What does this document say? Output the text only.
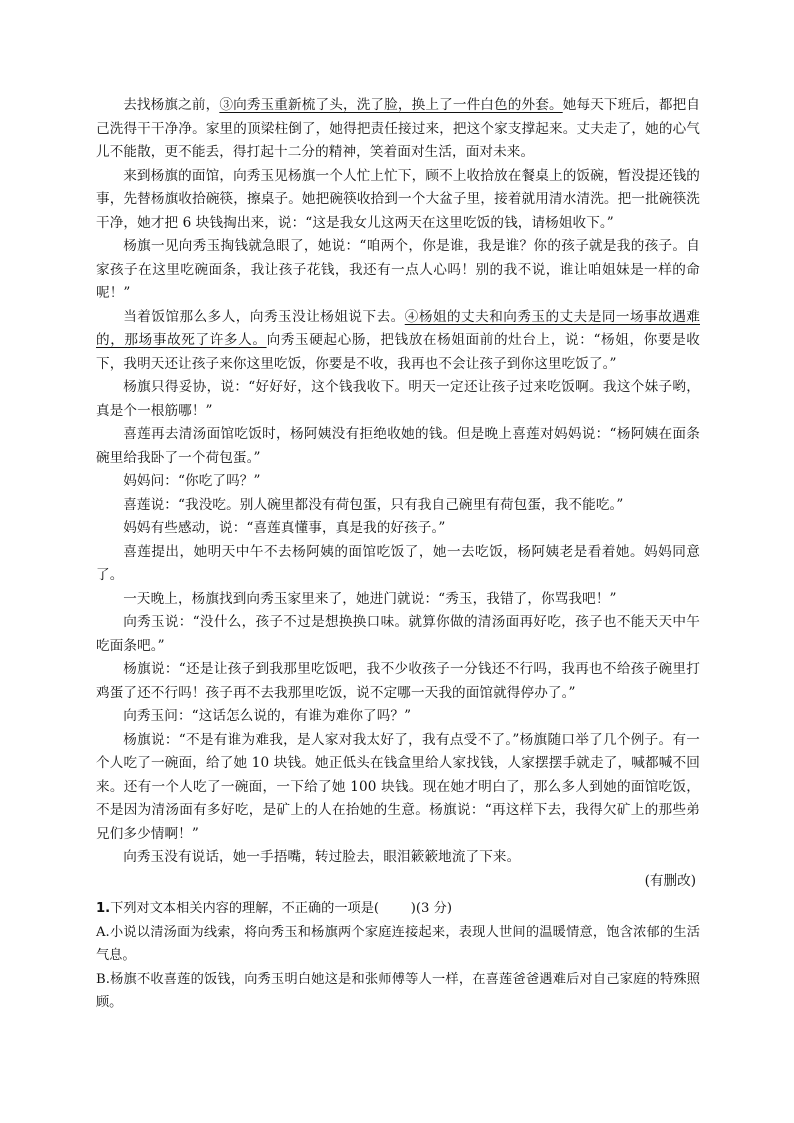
去找杨旗之前，③向秀玉重新梳了头，洗了脸，换上了一件白色的外套。她每天下班后，都把自己洗得干干净净。家里的顶梁柱倒了，她得把责任接过来，把这个家支撑起来。丈夫走了，她的心气儿不能散，更不能丢，得打起十二分的精神，笑着面对生活，面对未来。

来到杨旗的面馆，向秀玉见杨旗一个人忙上忙下，顾不上收拾放在餐桌上的饭碗，暂没提还钱的事，先替杨旗收拾碗筷，擦桌子。她把碗筷收拾到一个大盆子里，接着就用清水清洗。把一批碗筷洗干净，她才把 6 块钱掏出来，说：“这是我女儿这两天在这里吃饭的钱，请杨姐收下。”

杨旗一见向秀玉掏钱就急眼了，她说：“咱两个，你是谁，我是谁？你的孩子就是我的孩子。自家孩子在这里吃碗面条，我让孩子花钱，我还有一点人心吗！别的我不说，谁让咱姐妹是一样的命呢！”

当着饭馆那么多人，向秀玉没让杨姐说下去。④杨姐的丈夫和向秀玉的丈夫是同一场事故遇难的，那场事故死了许多人。向秀玉硬起心肠，把钱放在杨姐面前的灶台上，说：“杨姐，你要是收下，我明天还让孩子来你这里吃饭，你要是不收，我再也不会让孩子到你这里吃饭了。”

杨旗只得妥协，说：“好好好，这个钱我收下。明天一定还让孩子过来吃饭啊。我这个妹子哟，真是个一根筋哪！”

喜莲再去清汤面馆吃饭时，杨阿姨没有拒绝收她的钱。但是晚上喜莲对妈妈说：“杨阿姨在面条碗里给我卧了一个荷包蛋。”

妈妈问：“你吃了吗？”

喜莲说：“我没吃。别人碗里都没有荷包蛋，只有我自己碗里有荷包蛋，我不能吃。”

妈妈有些感动，说：“喜莲真懂事，真是我的好孩子。”

喜莲提出，她明天中午不去杨阿姨的面馆吃饭了，她一去吃饭，杨阿姨老是看着她。妈妈同意了。

一天晚上，杨旗找到向秀玉家里来了，她进门就说：“秀玉，我错了，你骂我吧！”

向秀玉说：“没什么，孩子不过是想换换口味。就算你做的清汤面再好吃，孩子也不能天天中午吃面条吧。”

杨旗说：“还是让孩子到我那里吃饭吧，我不少收孩子一分钱还不行吗，我再也不给孩子碗里打鸡蛋了还不行吗！孩子再不去我那里吃饭，说不定哪一天我的面馆就得停办了。”

向秀玉问：“这话怎么说的，有谁为难你了吗？”

杨旗说：“不是有谁为难我，是人家对我太好了，我有点受不了。”杨旗随口举了几个例子。有一个人吃了一碗面，给了她 10 块钱。她正低头在钱盒里给人家找钱，人家摆摆手就走了，喊都喊不回来。还有一个人吃了一碗面，一下给了她 100 块钱。现在她才明白了，那么多人到她的面馆吃饭，不是因为清汤面有多好吃，是矿上的人在抬她的生意。杨旗说：“再这样下去，我得欠矿上的那些弟兄们多少情啊！”

向秀玉没有说话，她一手捂嘴，转过脸去，眼泪簌簌地流了下来。

(有删改)

1.下列对文本相关内容的理解，不正确的一项是( )(3 分)

A.小说以清汤面为线索，将向秀玉和杨旗两个家庭连接起来，表现人世间的温暖情意，饱含浓郁的生活气息。

B.杨旗不收喜莲的饭钱，向秀玉明白她这是和张师傅等人一样，在喜莲爸爸遇难后对自己家庭的特殊照顾。
